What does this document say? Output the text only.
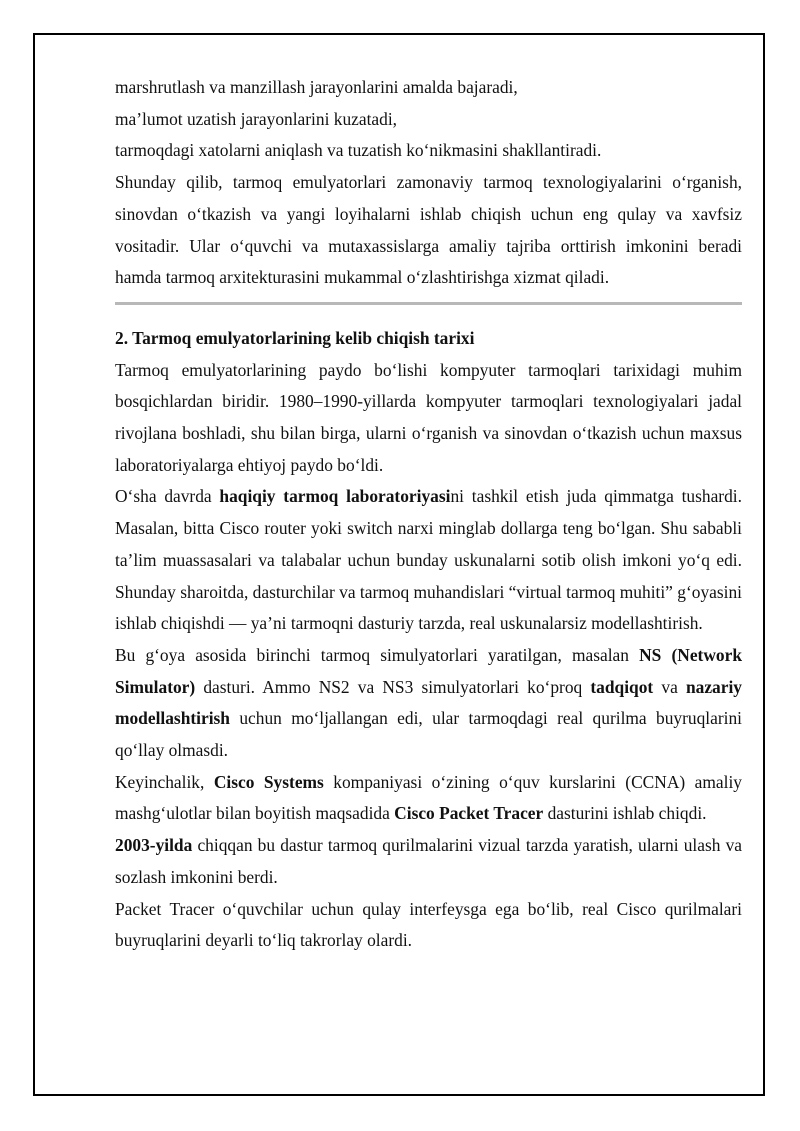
marshrutlash va manzillash jarayonlarini amalda bajaradi,

ma’lumot uzatish jarayonlarini kuzatadi,

tarmoqdagi xatolarni aniqlash va tuzatish ko‘nikmasini shakllantiradi.

Shunday qilib, tarmoq emulyatorlari zamonaviy tarmoq texnologiyalarini o‘rganish, sinovdan o‘tkazish va yangi loyihalarni ishlab chiqish uchun eng qulay va xavfsiz vositadir. Ular o‘quvchi va mutaxassislarga amaliy tajriba orttirish imkonini beradi hamda tarmoq arxitekturasini mukammal o‘zlashtirishga xizmat qiladi.

2. Tarmoq emulyatorlarining kelib chiqish tarixi

Tarmoq emulyatorlarining paydo bo‘lishi kompyuter tarmoqlari tarixidagi muhim bosqichlardan biridir. 1980–1990-yillarda kompyuter tarmoqlari texnologiyalari jadal rivojlana boshladi, shu bilan birga, ularni o‘rganish va sinovdan o‘tkazish uchun maxsus laboratoriyalarga ehtiyoj paydo bo‘ldi.

O‘sha davrda haqiqiy tarmoq laboratoriyasini tashkil etish juda qimmatga tushardi. Masalan, bitta Cisco router yoki switch narxi minglab dollarga teng bo‘lgan. Shu sababli ta’lim muassasalari va talabalar uchun bunday uskunalarni sotib olish imkoni yo‘q edi. Shunday sharoitda, dasturchilar va tarmoq muhandislari “virtual tarmoq muhiti” g‘oyasini ishlab chiqishdi — ya’ni tarmoqni dasturiy tarzda, real uskunalarsiz modellashtirish.

Bu g‘oya asosida birinchi tarmoq simulyatorlari yaratilgan, masalan NS (Network Simulator) dasturi. Ammo NS2 va NS3 simulyatorlari ko‘proq tadqiqot va nazariy modellashtirish uchun mo‘ljallangan edi, ular tarmoqdagi real qurilma buyruqlarini qo‘llay olmasdi.

Keyinchalik, Cisco Systems kompaniyasi o‘zining o‘quv kurslarini (CCNA) amaliy mashg‘ulotlar bilan boyitish maqsadida Cisco Packet Tracer dasturini ishlab chiqdi.

2003-yilda chiqqan bu dastur tarmoq qurilmalarini vizual tarzda yaratish, ularni ulash va sozlash imkonini berdi.

Packet Tracer o‘quvchilar uchun qulay interfeysga ega bo‘lib, real Cisco qurilmalari buyruqlarini deyarli to‘liq takrorlay olardi.
